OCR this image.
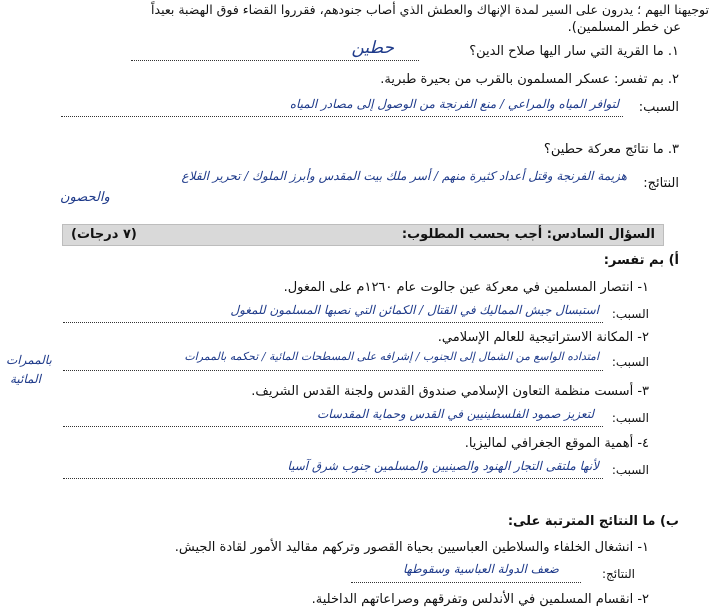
توجيهنا اليهم ؛ يدرون على السير لمدة الإنهاك والعطش الذي أصاب جنودهم، فقرروا القضاء فوق الهضبة بعيداً
عن خطر المسلمين).
١. ما القرية التي سار اليها صلاح الدين؟
حطين
٢. بم تفسر: عسكر المسلمون بالقرب من بحيرة طبرية.
السبب:
لتوافر المياه والمراعي / منع الفرنجة من الوصول إلى مصادر المياه
٣. ما نتائج معركة حطين؟
النتائج:
هزيمة الفرنجة وقتل أعداد كثيرة منهم / أسر ملك بيت المقدس وأبرز الملوك / تحرير القلاع
والحصون
السؤال السادس: أجب بحسب المطلوب:
(٧ درجات)
أ) بم تفسر:
١- انتصار المسلمين في معركة عين جالوت عام ١٢٦٠م على المغول.
السبب:
استبسال جيش المماليك في القتال / الكمائن التي نصبها المسلمون للمغول
٢- المكانة الاستراتيجية للعالم الإسلامي.
السبب:
امتداده الواسع من الشمال إلى الجنوب / إشرافه على المسطحات المائية / تحكمه بالممرات
بالممرات
المائية
٣- أسست منظمة التعاون الإسلامي صندوق القدس ولجنة القدس الشريف.
السبب:
لتعزيز صمود الفلسطينيين في القدس وحماية المقدسات
٤- أهمية الموقع الجغرافي لماليزيا.
السبب:
لأنها ملتقى التجار الهنود والصينيين والمسلمين جنوب شرق آسيا
ب) ما النتائج المترتبة على:
١- انشغال الخلفاء والسلاطين العباسيين بحياة القصور وتركهم مقاليد الأمور لقادة الجيش.
النتائج:
ضعف الدولة العباسية وسقوطها
٢- انقسام المسلمين في الأندلس وتفرقهم وصراعاتهم الداخلية.
